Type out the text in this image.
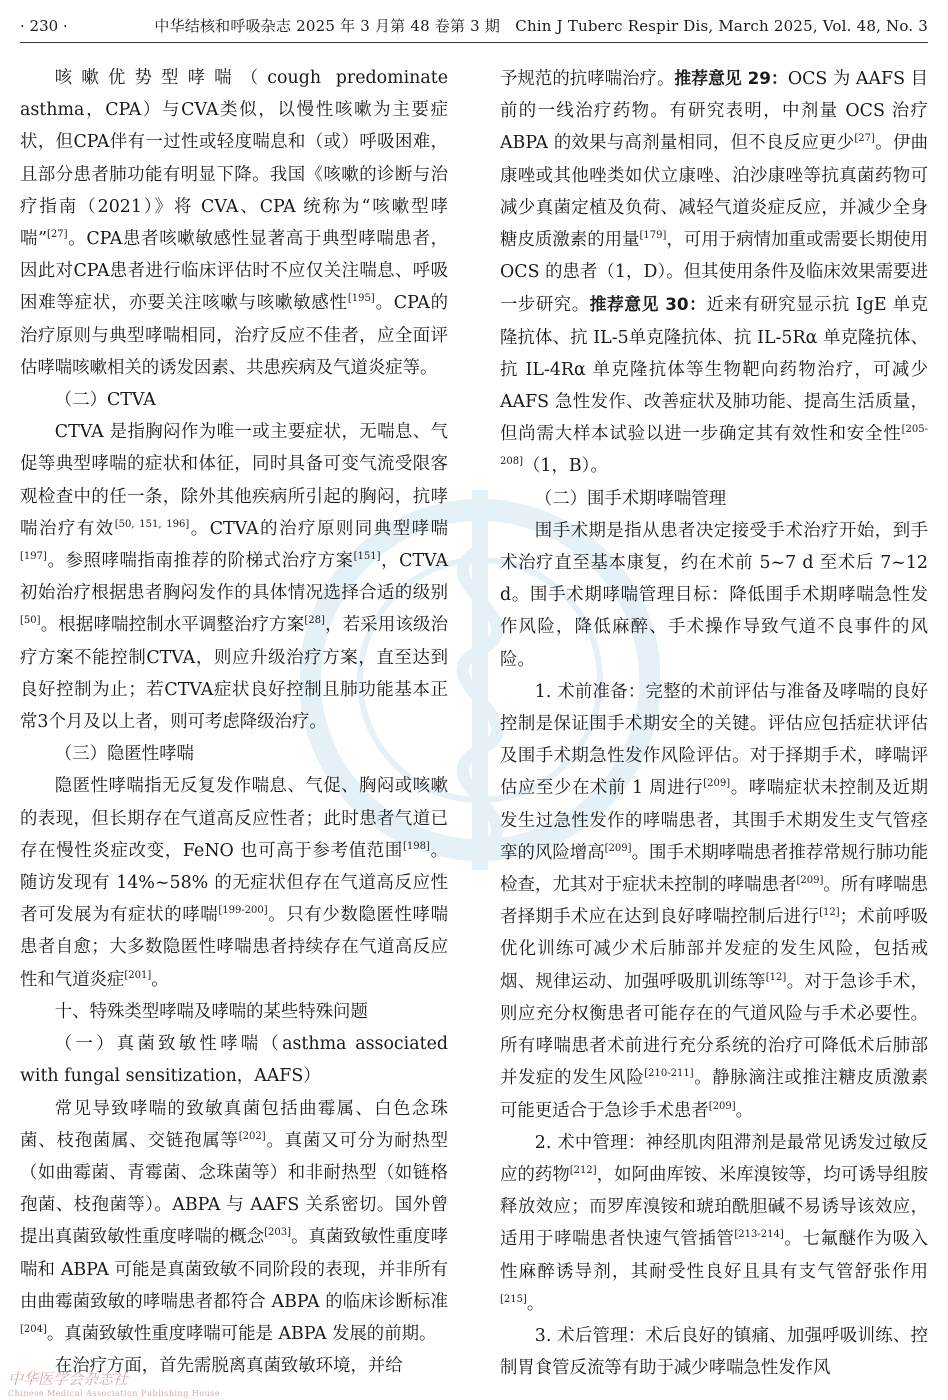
· 230 ·	中华结核和呼吸杂志 2025 年 3 月第 48 卷第 3 期　Chin J Tuberc Respir Dis, March 2025, Vol. 48, No. 3

咳嗽优势型哮喘（cough predominate asthma，CPA）与CVA类似，以慢性咳嗽为主要症状，但CPA伴有一过性或轻度喘息和（或）呼吸困难，且部分患者肺功能有明显下降。我国《咳嗽的诊断与治疗指南（2021）》将 CVA、CPA 统称为“咳嗽型哮喘”[27]。CPA患者咳嗽敏感性显著高于典型哮喘患者，因此对CPA患者进行临床评估时不应仅关注喘息、呼吸困难等症状，亦要关注咳嗽与咳嗽敏感性[195]。CPA的治疗原则与典型哮喘相同，治疗反应不佳者，应全面评估哮喘咳嗽相关的诱发因素、共患疾病及气道炎症等。

（二）CTVA

CTVA 是指胸闷作为唯一或主要症状，无喘息、气促等典型哮喘的症状和体征，同时具备可变气流受限客观检查中的任一条，除外其他疾病所引起的胸闷，抗哮喘治疗有效[50, 151, 196]。CTVA的治疗原则同典型哮喘[197]。参照哮喘指南推荐的阶梯式治疗方案[151]，CTVA 初始治疗根据患者胸闷发作的具体情况选择合适的级别[50]。根据哮喘控制水平调整治疗方案[28]，若采用该级治疗方案不能控制CTVA，则应升级治疗方案，直至达到良好控制为止；若CTVA症状良好控制且肺功能基本正常3个月及以上者，则可考虑降级治疗。

（三）隐匿性哮喘

隐匿性哮喘指无反复发作喘息、气促、胸闷或咳嗽的表现，但长期存在气道高反应性者；此时患者气道已存在慢性炎症改变，FeNO 也可高于参考值范围[198]。随访发现有 14%~58% 的无症状但存在气道高反应性者可发展为有症状的哮喘[199-200]。只有少数隐匿性哮喘患者自愈；大多数隐匿性哮喘患者持续存在气道高反应性和气道炎症[201]。

十、特殊类型哮喘及哮喘的某些特殊问题

（一）真菌致敏性哮喘（asthma associated with fungal sensitization，AAFS）

常见导致哮喘的致敏真菌包括曲霉属、白色念珠菌、枝孢菌属、交链孢属等[202]。真菌又可分为耐热型（如曲霉菌、青霉菌、念珠菌等）和非耐热型（如链格孢菌、枝孢菌等）。ABPA 与 AAFS 关系密切。国外曾提出真菌致敏性重度哮喘的概念[203]。真菌致敏性重度哮喘和 ABPA 可能是真菌致敏不同阶段的表现，并非所有由曲霉菌致敏的哮喘患者都符合 ABPA 的临床诊断标准[204]。真菌致敏性重度哮喘可能是 ABPA 发展的前期。

在治疗方面，首先需脱离真菌致敏环境，并给

予规范的抗哮喘治疗。推荐意见 29：OCS 为 AAFS 目前的一线治疗药物。有研究表明，中剂量 OCS 治疗 ABPA 的效果与高剂量相同，但不良反应更少[27]。伊曲康唑或其他唑类如伏立康唑、泊沙康唑等抗真菌药物可减少真菌定植及负荷、减轻气道炎症反应，并减少全身糖皮质激素的用量[179]，可用于病情加重或需要长期使用 OCS 的患者（1，D）。但其使用条件及临床效果需要进一步研究。推荐意见 30：近来有研究显示抗 IgE 单克隆抗体、抗 IL-5单克隆抗体、抗 IL-5Rα 单克隆抗体、抗 IL-4Rα 单克隆抗体等生物靶向药物治疗，可减少 AAFS 急性发作、改善症状及肺功能、提高生活质量，但尚需大样本试验以进一步确定其有效性和安全性[205-208]（1，B）。

（二）围手术期哮喘管理

围手术期是指从患者决定接受手术治疗开始，到手术治疗直至基本康复，约在术前 5~7 d 至术后 7~12 d。围手术期哮喘管理目标：降低围手术期哮喘急性发作风险，降低麻醉、手术操作导致气道不良事件的风险。

1. 术前准备：完整的术前评估与准备及哮喘的良好控制是保证围手术期安全的关键。评估应包括症状评估及围手术期急性发作风险评估。对于择期手术，哮喘评估应至少在术前 1 周进行[209]。哮喘症状未控制及近期发生过急性发作的哮喘患者，其围手术期发生支气管痉挛的风险增高[209]。围手术期哮喘患者推荐常规行肺功能检查，尤其对于症状未控制的哮喘患者[209]。所有哮喘患者择期手术应在达到良好哮喘控制后进行[12]；术前呼吸优化训练可减少术后肺部并发症的发生风险，包括戒烟、规律运动、加强呼吸肌训练等[12]。对于急诊手术，则应充分权衡患者可能存在的气道风险与手术必要性。所有哮喘患者术前进行充分系统的治疗可降低术后肺部并发症的发生风险[210-211]。静脉滴注或推注糖皮质激素可能更适合于急诊手术患者[209]。

2. 术中管理：神经肌肉阻滞剂是最常见诱发过敏反应的药物[212]，如阿曲库铵、米库溴铵等，均可诱导组胺释放效应；而罗库溴铵和琥珀酰胆碱不易诱导该效应，适用于哮喘患者快速气管插管[213-214]。七氟醚作为吸入性麻醉诱导剂，其耐受性良好且具有支气管舒张作用[215]。

3. 术后管理：术后良好的镇痛、加强呼吸训练、控制胃食管反流等有助于减少哮喘急性发作风

中华医学会杂志社
Chinese Medical Association Publishing House
